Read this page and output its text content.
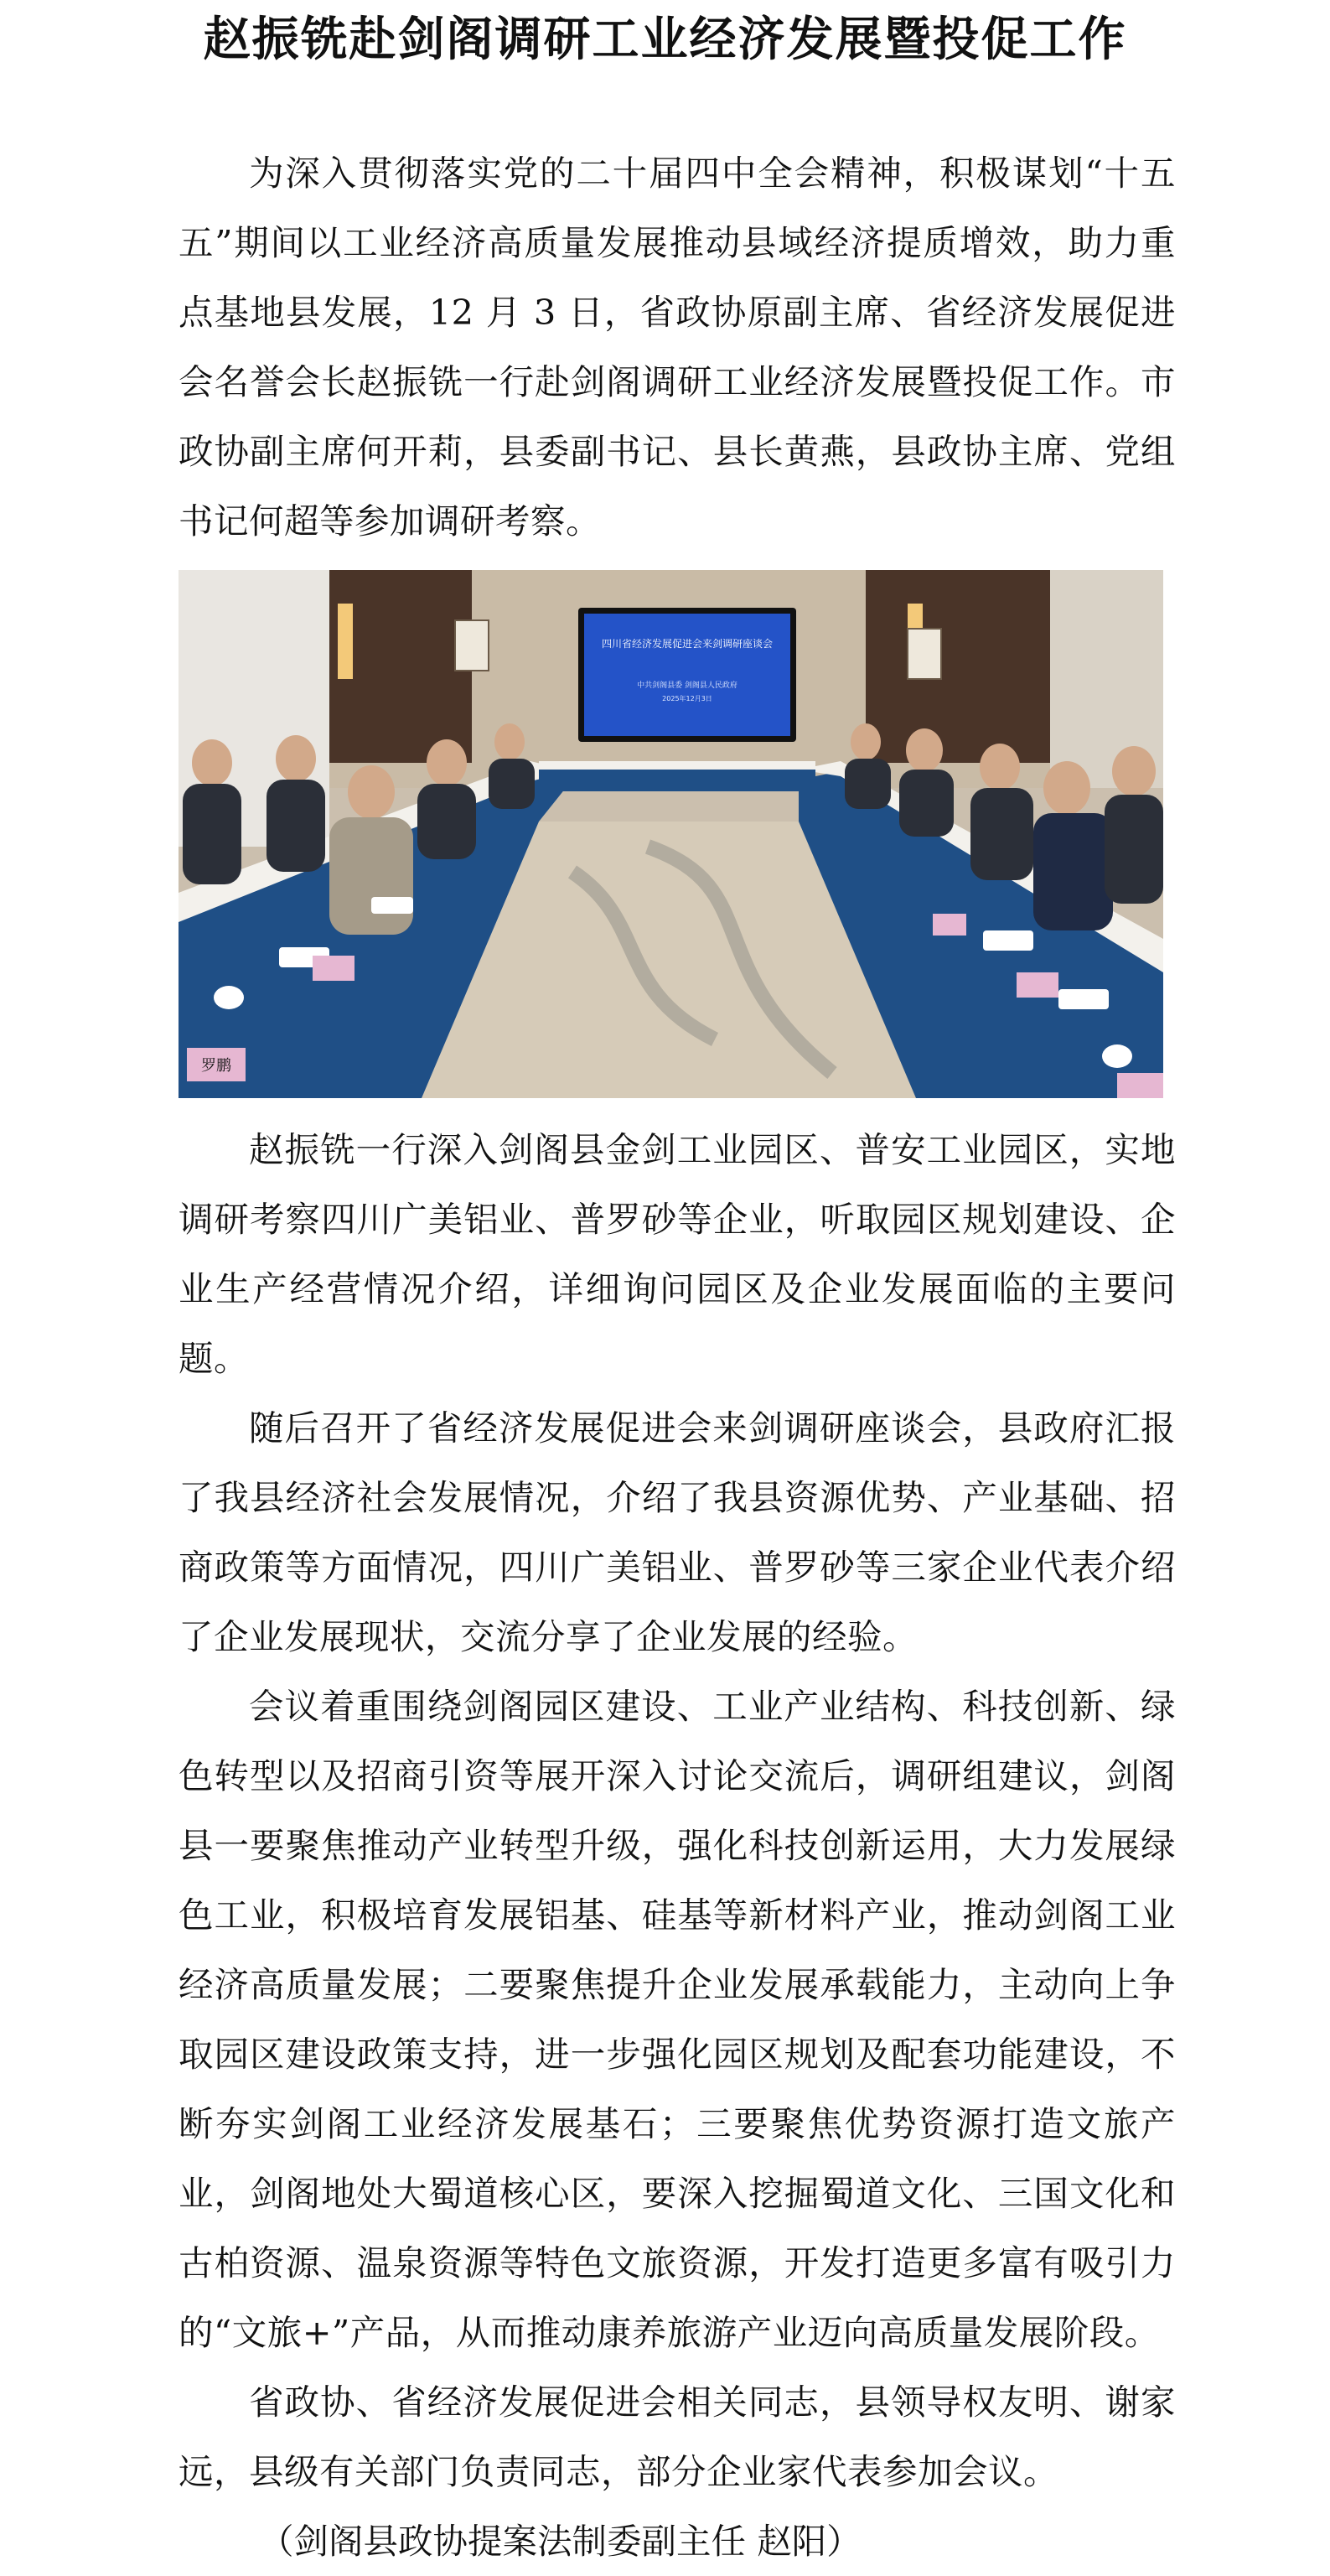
赵振铣赴剑阁调研工业经济发展暨投促工作

为深入贯彻落实党的二十届四中全会精神，积极谋划“十五五”期间以工业经济高质量发展推动县域经济提质增效，助力重点基地县发展，12 月 3 日，省政协原副主席、省经济发展促进会名誉会长赵振铣一行赴剑阁调研工业经济发展暨投促工作。市政协副主席何开莉，县委副书记、县长黄燕，县政协主席、党组书记何超等参加调研考察。

四川省经济发展促进会来剑调研座谈会
中共剑阁县委 剑阁县人民政府
2025年12月3日
罗鹏

赵振铣一行深入剑阁县金剑工业园区、普安工业园区，实地调研考察四川广美铝业、普罗砂等企业，听取园区规划建设、企业生产经营情况介绍，详细询问园区及企业发展面临的主要问题。

随后召开了省经济发展促进会来剑调研座谈会，县政府汇报了我县经济社会发展情况，介绍了我县资源优势、产业基础、招商政策等方面情况，四川广美铝业、普罗砂等三家企业代表介绍了企业发展现状，交流分享了企业发展的经验。

会议着重围绕剑阁园区建设、工业产业结构、科技创新、绿色转型以及招商引资等展开深入讨论交流后，调研组建议，剑阁县一要聚焦推动产业转型升级，强化科技创新运用，大力发展绿色工业，积极培育发展铝基、硅基等新材料产业，推动剑阁工业经济高质量发展；二要聚焦提升企业发展承载能力，主动向上争取园区建设政策支持，进一步强化园区规划及配套功能建设，不断夯实剑阁工业经济发展基石；三要聚焦优势资源打造文旅产业，剑阁地处大蜀道核心区，要深入挖掘蜀道文化、三国文化和古柏资源、温泉资源等特色文旅资源，开发打造更多富有吸引力的“文旅+”产品，从而推动康养旅游产业迈向高质量发展阶段。

省政协、省经济发展促进会相关同志，县领导权友明、谢家远，县级有关部门负责同志，部分企业家代表参加会议。

（剑阁县政协提案法制委副主任 赵阳）
